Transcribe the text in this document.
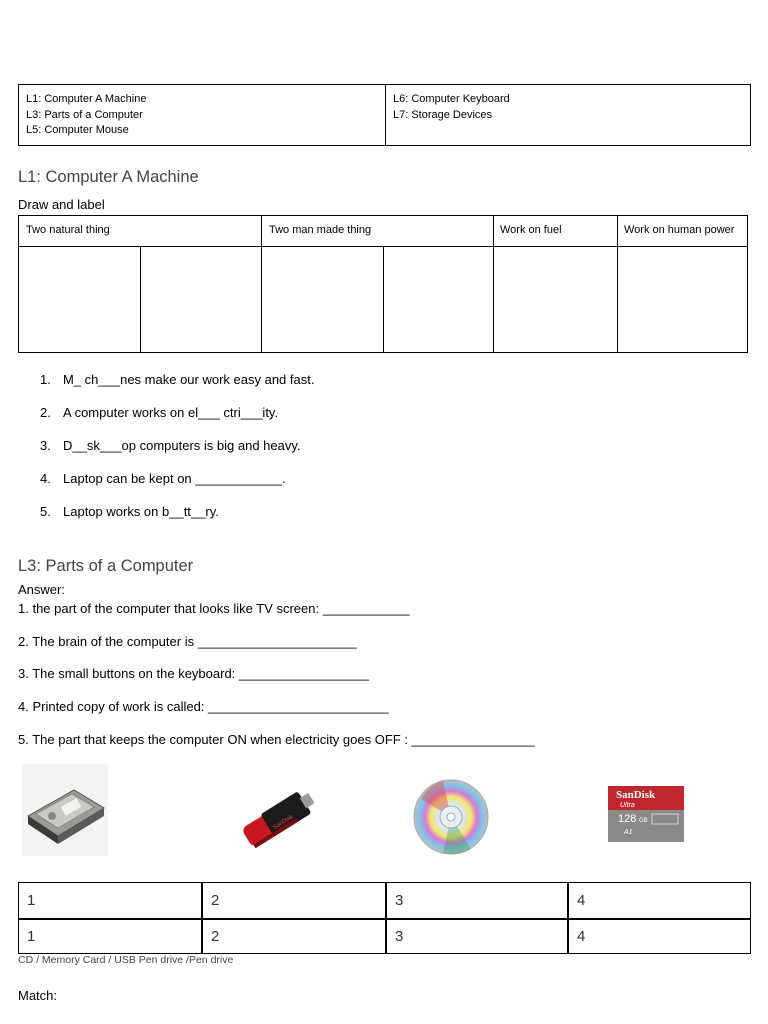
L1: Computer A Machine
L3: Parts of a Computer
L5: Computer Mouse
L6: Computer Keyboard
L7: Storage Devices
L1: Computer A Machine
Draw and label
Two natural thing	Two man made thing	Work on fuel	Work on human power
1. M_ ch___nes make our work easy and fast.
2. A computer works on el___ ctri___ity.
3. D__sk___op computers is big and heavy.
4. Laptop can be kept on ____________.
5. Laptop works on b__tt__ry.
L3: Parts of a Computer
Answer:
1. the part of the computer that looks like TV screen: ____________
2. The brain of the computer is ______________________
3. The small buttons on the keyboard: __________________
4. Printed copy of work is called: _________________________
5. The part that keeps the computer ON when electricity goes OFF : _________________
SanDisk
SanDisk
Ultra
128 GB
A1
1	2	3	4
1	2	3	4
CD / Memory Card / USB Pen drive /Pen drive
Match:
